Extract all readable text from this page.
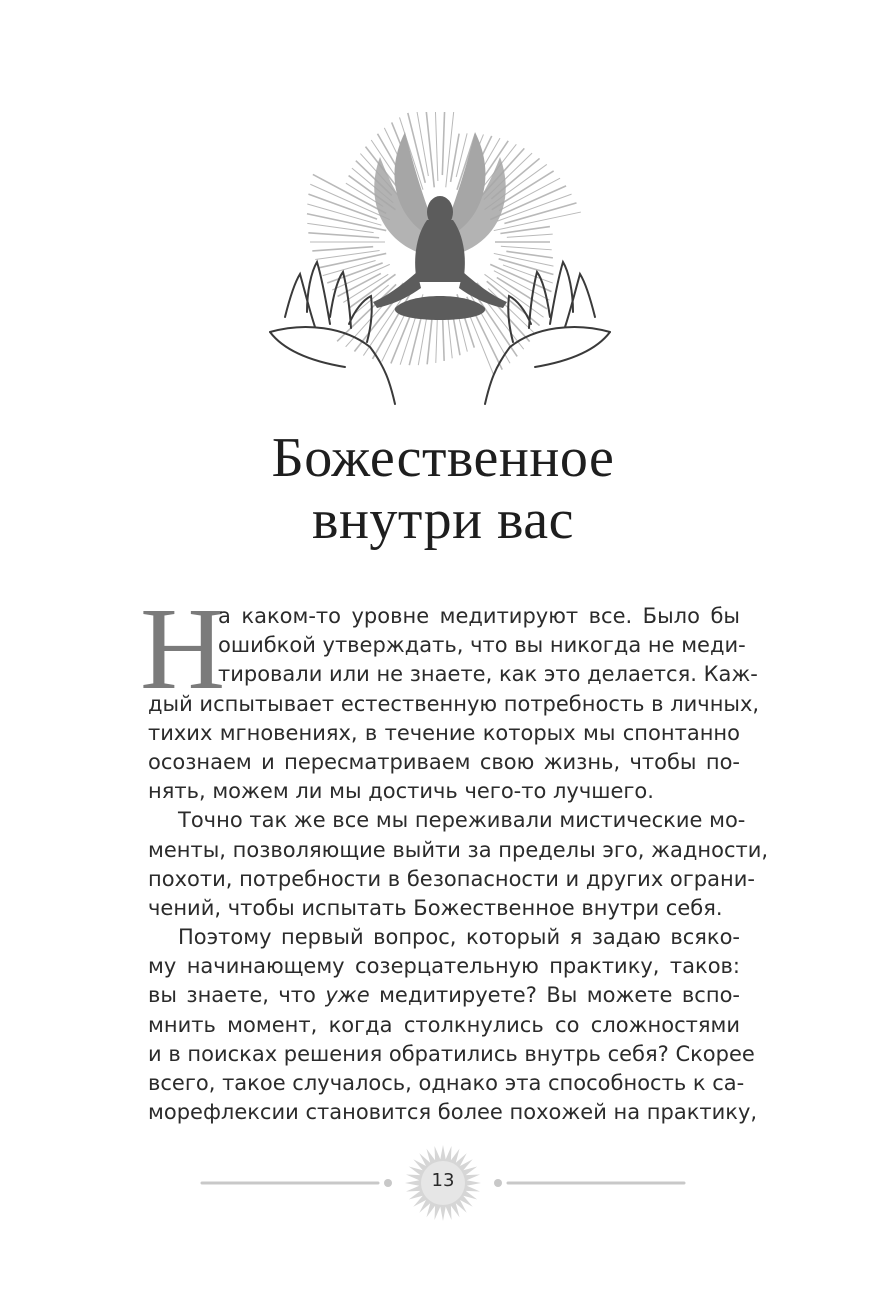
Божественное
внутри вас
Н
а каком-то уровне медитируют все. Было бы
ошибкой утверждать, что вы никогда не меди-
тировали или не знаете, как это делается. Каж-
дый испытывает естественную потребность в личных,
тихих мгновениях, в течение которых мы спонтанно
осознаем и пересматриваем свою жизнь, чтобы по-
нять, можем ли мы достичь чего-то лучшего.
Точно так же все мы переживали мистические мо-
менты, позволяющие выйти за пределы эго, жадности,
похоти, потребности в безопасности и других ограни-
чений, чтобы испытать Божественное внутри себя.
Поэтому первый вопрос, который я задаю всяко-
му начинающему созерцательную практику, таков:
вы знаете, что уже медитируете? Вы можете вспо-
мнить момент, когда столкнулись со сложностями
и в поисках решения обратились внутрь себя? Скорее
всего, такое случалось, однако эта способность к са-
морефлексии становится более похожей на практику,
13
